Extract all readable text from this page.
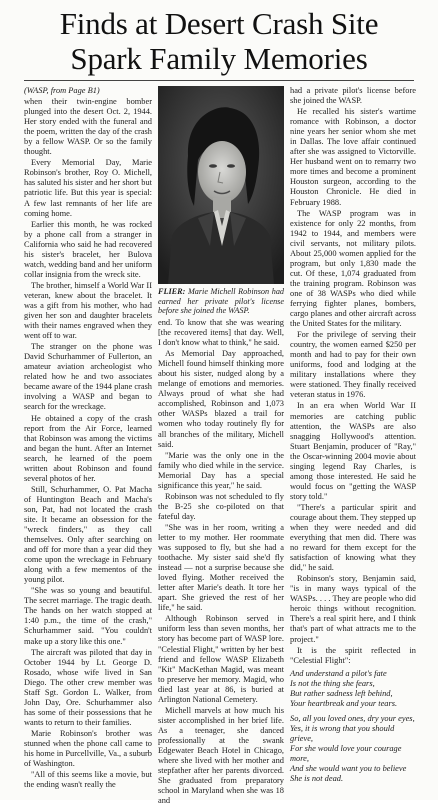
Finds at Desert Crash Site
Spark Family Memories

(WASP, from Page B1)

when their twin-engine bomber plunged into the desert Oct. 2, 1944. Her story ended with the funeral and the poem, written the day of the crash by a fellow WASP. Or so the family thought.

Every Memorial Day, Marie Robinson's brother, Roy O. Michell, has saluted his sister and her short but patriotic life. But this year is special: A few last remnants of her life are coming home.

Earlier this month, he was rocked by a phone call from a stranger in California who said he had recovered his sister's bracelet, her Bulova watch, wedding band and her uniform collar insignia from the wreck site.

The brother, himself a World War II veteran, knew about the bracelet. It was a gift from his mother, who had given her son and daughter bracelets with their names engraved when they went off to war.

The stranger on the phone was David Schurhammer of Fullerton, an amateur aviation archeologist who related how he and two associates became aware of the 1944 plane crash involving a WASP and began to search for the wreckage.

He obtained a copy of the crash report from the Air Force, learned that Robinson was among the victims and began the hunt. After an Internet search, he learned of the poem written about Robinson and found several photos of her.

Still, Schurhammer, O. Pat Macha of Huntington Beach and Macha's son, Pat, had not located the crash site. It became an obsession for the "wreck finders," as they call themselves. Only after searching on and off for more than a year did they come upon the wreckage in February along with a few mementos of the young pilot.

"She was so young and beautiful. The secret marriage. The tragic death. The hands on her watch stopped at 1:40 p.m., the time of the crash," Schurhammer said. "You couldn't make up a story like this one."

The aircraft was piloted that day in October 1944 by Lt. George D. Rosado, whose wife lived in San Diego. The other crew member was Staff Sgt. Gordon L. Walker, from John Day, Ore. Schurhammer also has some of their possessions that he wants to return to their families.

Marie Robinson's brother was stunned when the phone call came to his home in Purcellville, Va., a suburb of Washington.

"All of this seems like a movie, but the ending wasn't really the

FLIER: Marie Michell Robinson had earned her private pilot's license before she joined the WASP.

end. To know that she was wearing [the recovered items] that day. Well, I don't know what to think," he said.

As Memorial Day approached, Michell found himself thinking more about his sister, nudged along by a melange of emotions and memories. Always proud of what she had accomplished, Robinson and 1,073 other WASPs blazed a trail for women who today routinely fly for all branches of the military, Michell said.

"Marie was the only one in the family who died while in the service. Memorial Day has a special significance this year," he said.

Robinson was not scheduled to fly the B-25 she co-piloted on that fateful day.

"She was in her room, writing a letter to my mother. Her roommate was supposed to fly, but she had a toothache. My sister said she'd fly instead — not a surprise because she loved flying. Mother received the letter after Marie's death. It tore her apart. She grieved the rest of her life," he said.

Although Robinson served in uniform less than seven months, her story has become part of WASP lore. "Celestial Flight," written by her best friend and fellow WASP Elizabeth "Kit" MacKethan Magid, was meant to preserve her memory. Magid, who died last year at 86, is buried at Arlington National Cemetery.

Michell marvels at how much his sister accomplished in her brief life. As a teenager, she danced professionally at the swank Edgewater Beach Hotel in Chicago, where she lived with her mother and stepfather after her parents divorced. She graduated from preparatory school in Maryland when she was 18 and

had a private pilot's license before she joined the WASP.

He recalled his sister's wartime romance with Robinson, a doctor nine years her senior whom she met in Dallas. The love affair continued after she was assigned to Victorville. Her husband went on to remarry two more times and become a prominent Houston surgeon, according to the Houston Chronicle. He died in February 1988.

The WASP program was in existence for only 22 months, from 1942 to 1944, and members were civil servants, not military pilots. About 25,000 women applied for the program, but only 1,830 made the cut. Of these, 1,074 graduated from the training program. Robinson was one of 38 WASPs who died while ferrying fighter planes, bombers, cargo planes and other aircraft across the United States for the military.

For the privilege of serving their country, the women earned $250 per month and had to pay for their own uniforms, food and lodging at the military installations where they were stationed. They finally received veteran status in 1976.

In an era when World War II memories are catching public attention, the WASPs are also snagging Hollywood's attention. Stuart Benjamin, producer of "Ray," the Oscar-winning 2004 movie about singing legend Ray Charles, is among those interested. He said he would focus on "getting the WASP story told."

"There's a particular spirit and courage about them. They stepped up when they were needed and did everything that men did. There was no reward for them except for the satisfaction of knowing what they did," he said.

Robinson's story, Benjamin said, "is in many ways typical of the WASPs. . . . They are people who did heroic things without recognition. There's a real spirit here, and I think that's part of what attracts me to the project."

It is the spirit reflected in "Celestial Flight":

And understand a pilot's fate
Is not the thing she fears,
But rather sadness left behind,
Your heartbreak and your tears.
So, all you loved ones, dry your eyes,
Yes, it is wrong that you should grieve,
For she would love your courage more,
And she would want you to believe
She is not dead.
